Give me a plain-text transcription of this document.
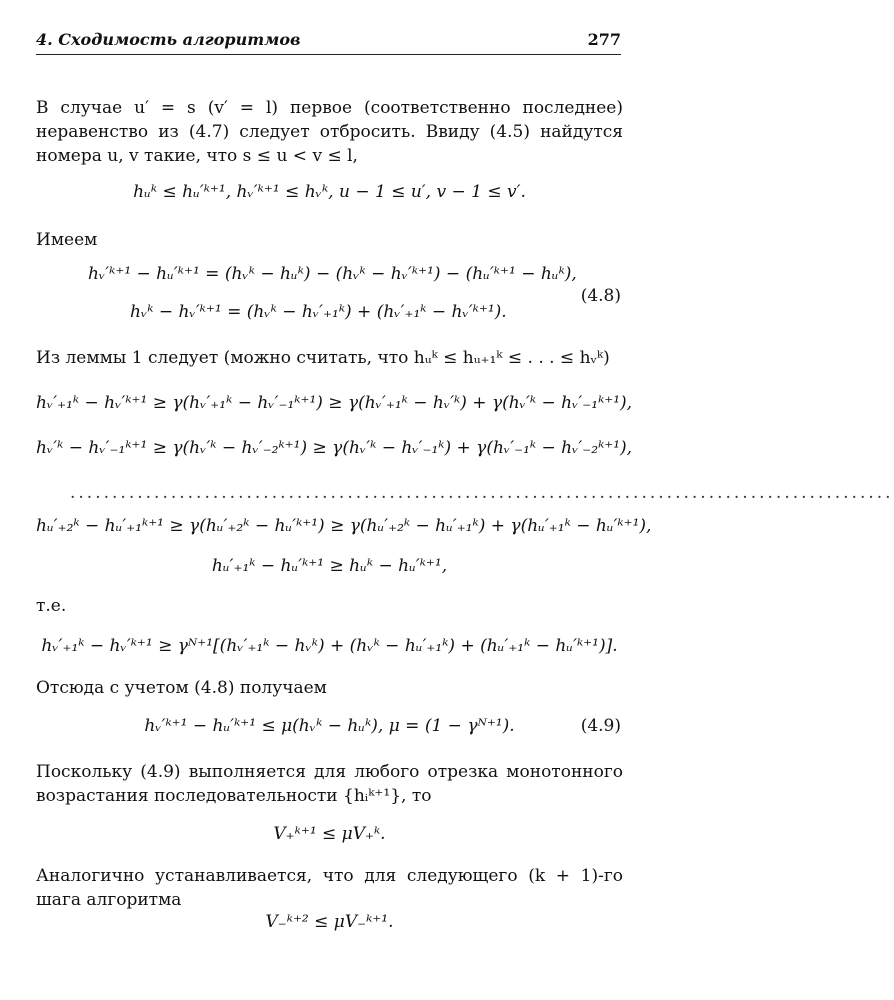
4. Сходимость алгоритмов	277
В случае u′ = s (v′ = l) первое (соответственно последнее) неравенство из (4.7) следует отбросить. Ввиду (4.5) найдутся номера u, v такие, что s ≤ u < v ≤ l,
hᵤᵏ ≤ hᵤ′ᵏ⁺¹, hᵥ′ᵏ⁺¹ ≤ hᵥᵏ, u − 1 ≤ u′, v − 1 ≤ v′.
Имеем
hᵥ′ᵏ⁺¹ − hᵤ′ᵏ⁺¹ = (hᵥᵏ − hᵤᵏ) − (hᵥᵏ − hᵥ′ᵏ⁺¹) − (hᵤ′ᵏ⁺¹ − hᵤᵏ),
hᵥᵏ − hᵥ′ᵏ⁺¹ = (hᵥᵏ − hᵥ′₊₁ᵏ) + (hᵥ′₊₁ᵏ − hᵥ′ᵏ⁺¹).
(4.8)
Из леммы 1 следует (можно считать, что hᵤᵏ ≤ hᵤ₊₁ᵏ ≤ . . . ≤ hᵥᵏ)
hᵥ′₊₁ᵏ − hᵥ′ᵏ⁺¹ ≥ γ(hᵥ′₊₁ᵏ − hᵥ′₋₁ᵏ⁺¹) ≥ γ(hᵥ′₊₁ᵏ − hᵥ′ᵏ) + γ(hᵥ′ᵏ − hᵥ′₋₁ᵏ⁺¹),
hᵥ′ᵏ − hᵥ′₋₁ᵏ⁺¹ ≥ γ(hᵥ′ᵏ − hᵥ′₋₂ᵏ⁺¹) ≥ γ(hᵥ′ᵏ − hᵥ′₋₁ᵏ) + γ(hᵥ′₋₁ᵏ − hᵥ′₋₂ᵏ⁺¹),
..................................................................................................
hᵤ′₊₂ᵏ − hᵤ′₊₁ᵏ⁺¹ ≥ γ(hᵤ′₊₂ᵏ − hᵤ′ᵏ⁺¹) ≥ γ(hᵤ′₊₂ᵏ − hᵤ′₊₁ᵏ) + γ(hᵤ′₊₁ᵏ − hᵤ′ᵏ⁺¹),
hᵤ′₊₁ᵏ − hᵤ′ᵏ⁺¹ ≥ hᵤᵏ − hᵤ′ᵏ⁺¹,
т.е.
hᵥ′₊₁ᵏ − hᵥ′ᵏ⁺¹ ≥ γᴺ⁺¹[(hᵥ′₊₁ᵏ − hᵥᵏ) + (hᵥᵏ − hᵤ′₊₁ᵏ) + (hᵤ′₊₁ᵏ − hᵤ′ᵏ⁺¹)].
Отсюда с учетом (4.8) получаем
hᵥ′ᵏ⁺¹ − hᵤ′ᵏ⁺¹ ≤ μ(hᵥᵏ − hᵤᵏ), μ = (1 − γᴺ⁺¹).	(4.9)
Поскольку (4.9) выполняется для любого отрезка монотонного возрастания последовательности {hᵢᵏ⁺¹}, то
V₊ᵏ⁺¹ ≤ μV₊ᵏ.
Аналогично устанавливается, что для следующего (k + 1)-го шага алгоритма
V₋ᵏ⁺² ≤ μV₋ᵏ⁺¹.
